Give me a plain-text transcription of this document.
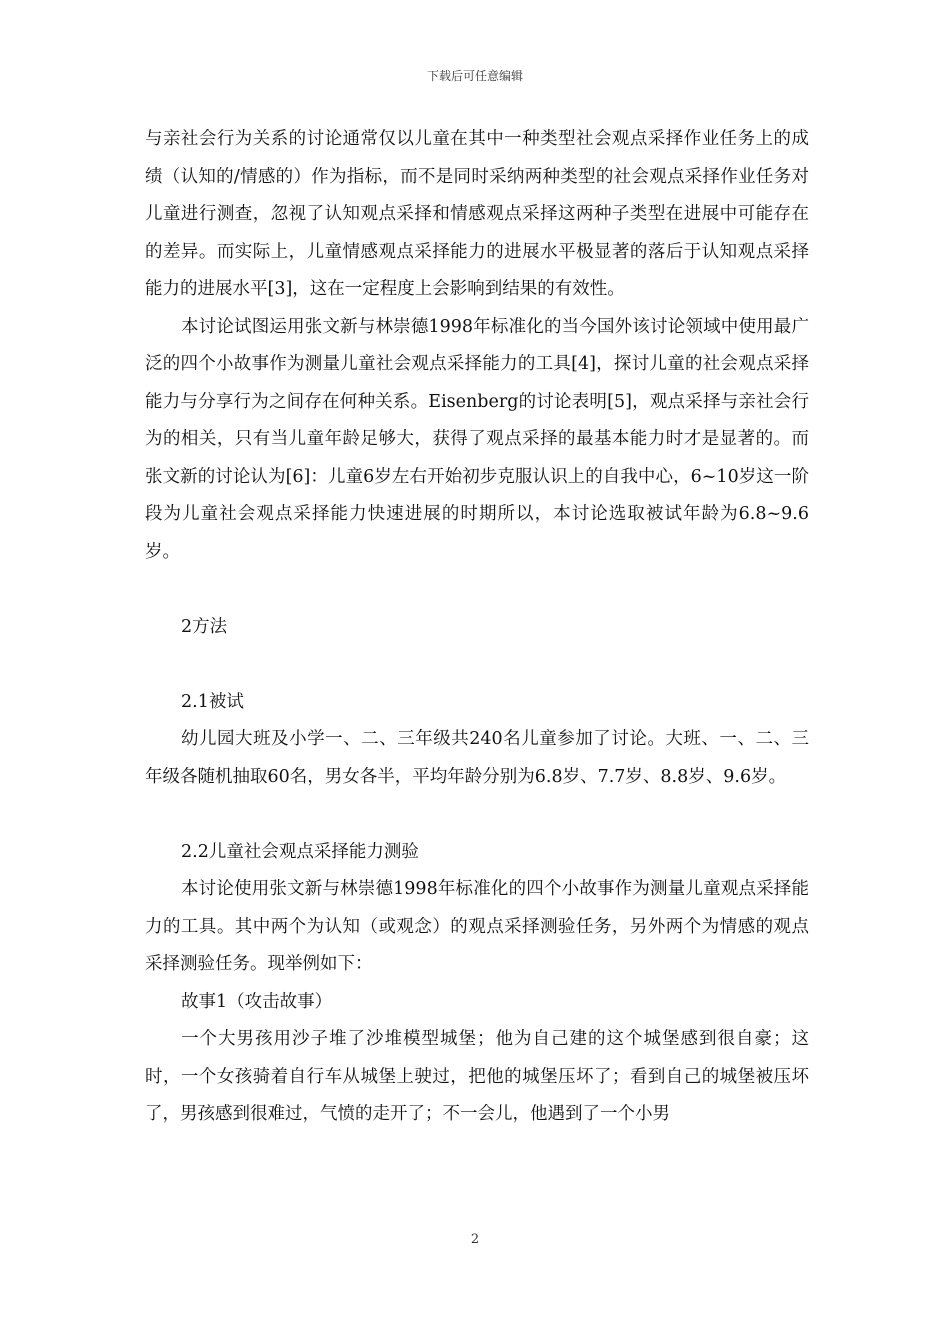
下载后可任意编辑

与亲社会行为关系的讨论通常仅以儿童在其中一种类型社会观点采择作业任务上的成绩（认知的/情感的）作为指标，而不是同时采纳两种类型的社会观点采择作业任务对儿童进行测查，忽视了认知观点采择和情感观点采择这两种子类型在进展中可能存在的差异。而实际上，儿童情感观点采择能力的进展水平极显著的落后于认知观点采择能力的进展水平[3]，这在一定程度上会影响到结果的有效性。

本讨论试图运用张文新与林崇德1998年标准化的当今国外该讨论领域中使用最广泛的四个小故事作为测量儿童社会观点采择能力的工具[4]，探讨儿童的社会观点采择能力与分享行为之间存在何种关系。Eisenberg的讨论表明[5]，观点采择与亲社会行为的相关，只有当儿童年龄足够大，获得了观点采择的最基本能力时才是显著的。而张文新的讨论认为[6]：儿童6岁左右开始初步克服认识上的自我中心，6~10岁这一阶段为儿童社会观点采择能力快速进展的时期所以，本讨论选取被试年龄为6.8~9.6岁。

2方法

2.1被试

幼儿园大班及小学一、二、三年级共240名儿童参加了讨论。大班、一、二、三年级各随机抽取60名，男女各半，平均年龄分别为6.8岁、7.7岁、8.8岁、9.6岁。

2.2儿童社会观点采择能力测验

本讨论使用张文新与林崇德1998年标准化的四个小故事作为测量儿童观点采择能力的工具。其中两个为认知（或观念）的观点采择测验任务，另外两个为情感的观点采择测验任务。现举例如下：

故事1（攻击故事）

一个大男孩用沙子堆了沙堆模型城堡；他为自己建的这个城堡感到很自豪；这时，一个女孩骑着自行车从城堡上驶过，把他的城堡压坏了；看到自己的城堡被压坏了，男孩感到很难过，气愤的走开了；不一会儿，他遇到了一个小男

2
